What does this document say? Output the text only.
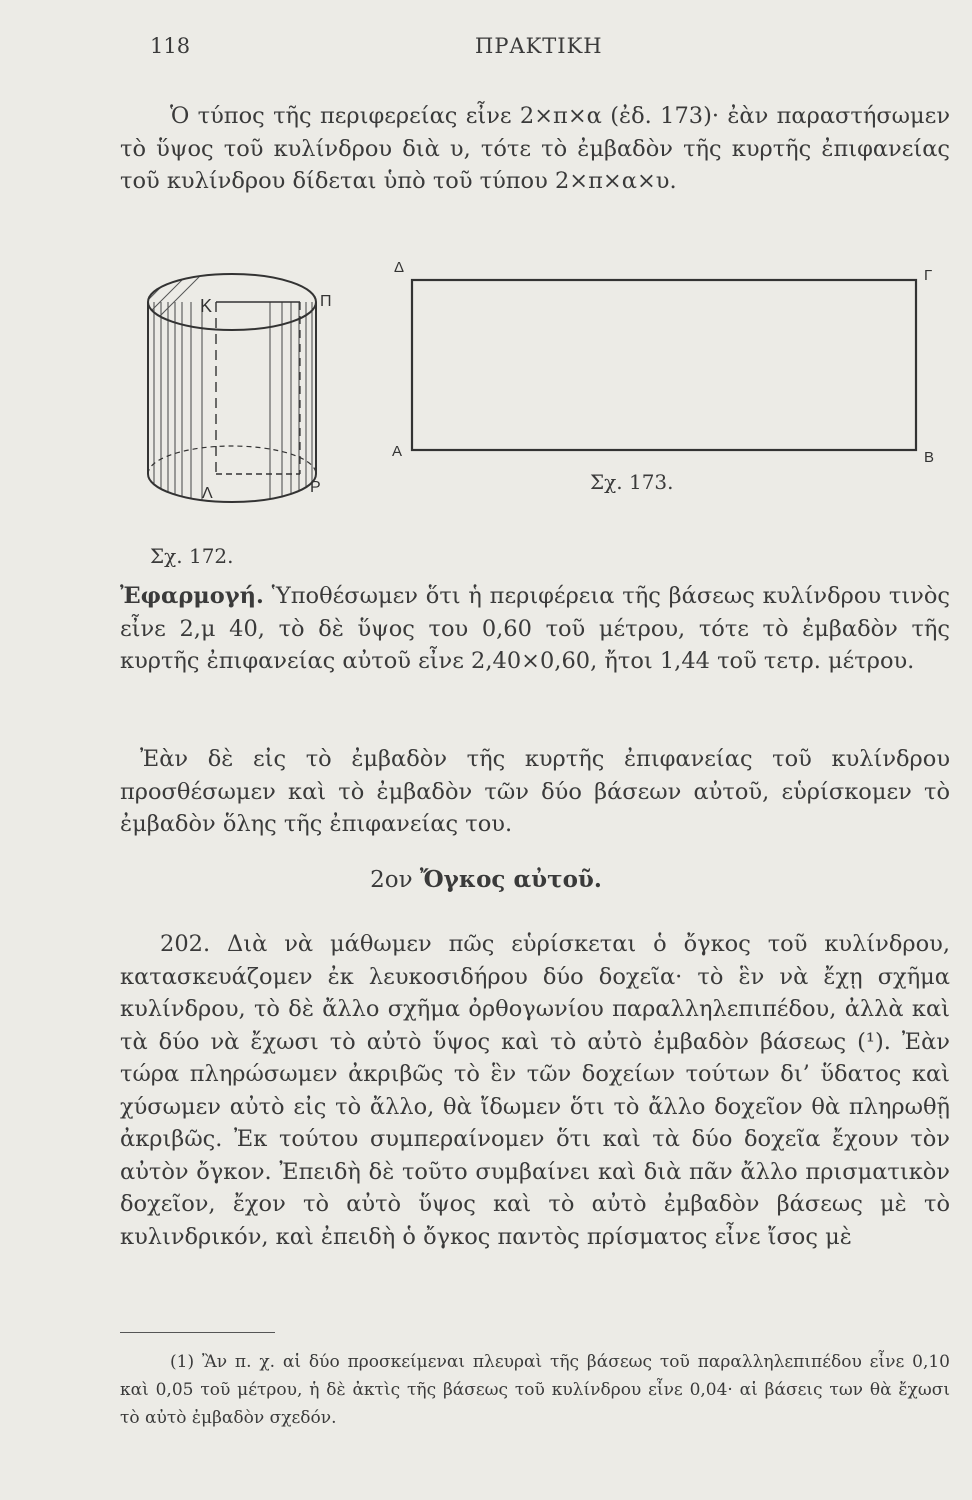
118	ΠΡΑΚΤΙΚΗ
Ὁ τύπος τῆς περιφερείας εἶνε 2⨯π⨯α (ἐδ. 173)· ἐὰν παραστήσωμεν τὸ ὕψος τοῦ κυλίνδρου διὰ υ, τότε τὸ ἐμβαδὸν τῆς κυρτῆς ἐπιφανείας τοῦ κυλίνδρου δίδεται ὑπὸ τοῦ τύπου 2⨯π⨯α⨯υ.
Κ	Π
Λ	Ρ
Δ	Γ
Α	Β
Σχ. 173.
Σχ. 172.
Ἐφαρμογή. Ὑποθέσωμεν ὅτι ἡ περιφέρεια τῆς βάσεως κυλίνδρου τινὸς εἶνε 2,μ 40, τὸ δὲ ὕψος του 0,60 τοῦ μέτρου, τότε τὸ ἐμβαδὸν τῆς κυρτῆς ἐπιφανείας αὐτοῦ εἶνε 2,40×0,60, ἤτοι 1,44 τοῦ τετρ. μέτρου.
Ἐὰν δὲ εἰς τὸ ἐμβαδὸν τῆς κυρτῆς ἐπιφανείας τοῦ κυλίνδρου προσθέσωμεν καὶ τὸ ἐμβαδὸν τῶν δύο βάσεων αὐτοῦ, εὑρίσκομεν τὸ ἐμβαδὸν ὅλης τῆς ἐπιφανείας του.
2ον Ὄγκος αὐτοῦ.
202. Διὰ νὰ μάθωμεν πῶς εὑρίσκεται ὁ ὄγκος τοῦ κυλίνδρου, κατασκευάζομεν ἐκ λευκοσιδήρου δύο δοχεῖα· τὸ ἓν νὰ ἔχῃ σχῆμα κυλίνδρου, τὸ δὲ ἄλλο σχῆμα ὀρθογωνίου παραλληλεπιπέδου, ἀλλὰ καὶ τὰ δύο νὰ ἔχωσι τὸ αὐτὸ ὕψος καὶ τὸ αὐτὸ ἐμβαδὸν βάσεως (¹). Ἐὰν τώρα πληρώσωμεν ἀκριβῶς τὸ ἓν τῶν δοχείων τούτων δι’ ὕδατος καὶ χύσωμεν αὐτὸ εἰς τὸ ἄλλο, θὰ ἴδωμεν ὅτι τὸ ἄλλο δοχεῖον θὰ πληρωθῇ ἀκριβῶς. Ἐκ τούτου συμπεραίνομεν ὅτι καὶ τὰ δύο δοχεῖα ἔχουν τὸν αὐτὸν ὄγκον. Ἐπειδὴ δὲ τοῦτο συμβαίνει καὶ διὰ πᾶν ἄλλο πρισματικὸν δοχεῖον, ἔχον τὸ αὐτὸ ὕψος καὶ τὸ αὐτὸ ἐμβαδὸν βάσεως μὲ τὸ κυλινδρικόν, καὶ ἐπειδὴ ὁ ὄγκος παντὸς πρίσματος εἶνε ἴσος μὲ
(1) Ἂν π. χ. αἱ δύο προσκείμεναι πλευραὶ τῆς βάσεως τοῦ παραλληλεπιπέδου εἶνε 0,10 καὶ 0,05 τοῦ μέτρου, ἡ δὲ ἀκτὶς τῆς βάσεως τοῦ κυλίνδρου εἶνε 0,04· αἱ βάσεις των θὰ ἔχωσι τὸ αὐτὸ ἐμβαδὸν σχεδόν.
